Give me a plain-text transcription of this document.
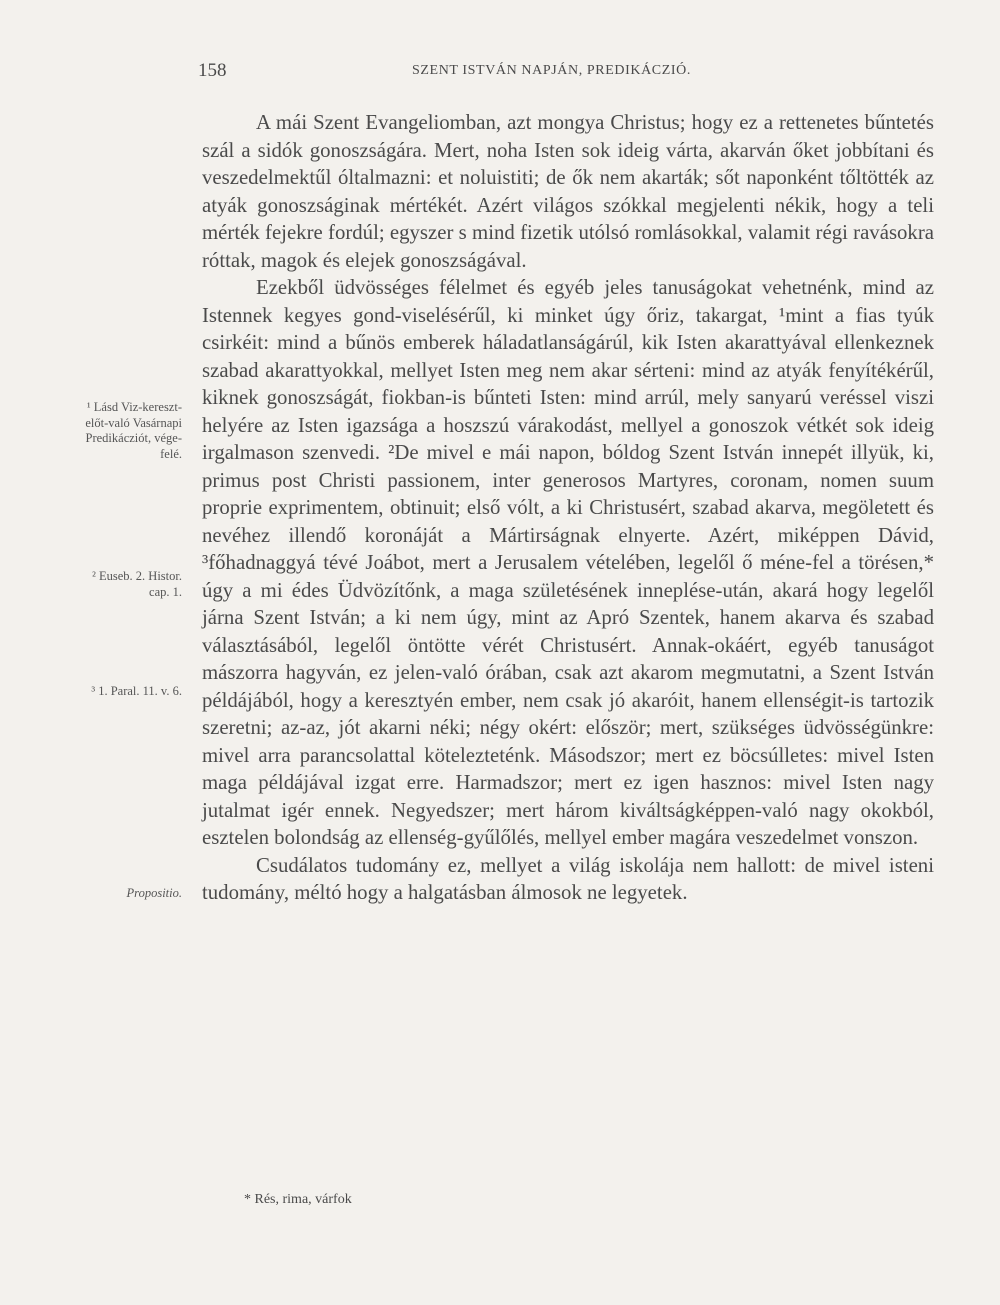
158	SZENT ISTVÁN NAPJÁN, PREDIKÁCZIÓ.

A mái Szent Evangeliomban, azt mongya Christus; hogy ez a rettenetes bűntetés szál a sidók gonoszságára. Mert, noha Isten sok ideig várta, akarván őket jobbítani és veszedelmektűl óltalmazni: et noluistiti; de ők nem akarták; sőt naponként tőltötték az atyák gonoszságinak mértékét. Azért világos szókkal megjelenti nékik, hogy a teli mérték fejekre fordúl; egyszer s mind fizetik utólsó romlásokkal, valamit régi ravásokra róttak, magok és elejek gonoszságával.

Ezekből üdvösséges félelmet és egyéb jeles tanuságokat vehetnénk, mind az Istennek kegyes gond-viselésérűl, ki minket úgy őriz, takargat, ¹mint a fias tyúk csirkéit: mind a bűnös emberek háladatlanságárúl, kik Isten akarattyával ellenkeznek szabad akarattyokkal, mellyet Isten meg nem akar sérteni: mind az atyák fenyítékérűl, kiknek gonoszságát, fiokban-is bűnteti Isten: mind arrúl, mely sanyarú veréssel viszi helyére az Isten igazsága a hoszszú várakodást, mellyel a gonoszok vétkét sok ideig irgalmason szenvedi. ²De mivel e mái napon, bóldog Szent István innepét illyük, ki, primus post Christi passionem, inter generosos Martyres, coronam, nomen suum proprie exprimentem, obtinuit; első vólt, a ki Christusért, szabad akarva, megöletett és nevéhez illendő koronáját a Mártirságnak elnyerte. Azért, miképpen Dávid, ³főhadnaggyá tévé Joábot, mert a Jerusalem vételében, legelől ő méne-fel a törésen,* úgy a mi édes Üdvözítőnk, a maga születésének inneplése-után, akará hogy legelől járna Szent István; a ki nem úgy, mint az Apró Szentek, hanem akarva és szabad választásából, legelől öntötte vérét Christusért. Annak-okáért, egyéb tanuságot mászorra hagyván, ez jelen-való órában, csak azt akarom megmutatni, a Szent István példájából, hogy a keresztyén ember, nem csak jó akaróit, hanem ellenségit-is tartozik szeretni; az-az, jót akarni néki; négy okért: először; mert, szükséges üdvösségünkre: mivel arra parancsolattal kötelezteténk. Másodszor; mert ez böcsúlletes: mivel Isten maga példájával izgat erre. Harmadszor; mert ez igen hasznos: mivel Isten nagy jutalmat igér ennek. Negyedszer; mert három kiváltságképpen-való nagy okokból, esztelen bolondság az ellenség-gyűlőlés, mellyel ember magára veszedelmet vonszon.

Csudálatos tudomány ez, mellyet a világ iskolája nem hallott: de mivel isteni tudomány, méltó hogy a halgatásban álmosok ne legyetek.

¹ Lásd Viz-kereszt-előt-való Vasárnapi Predikácziót, vége-felé.
² Euseb. 2. Histor. cap. 1.
³ 1. Paral. 11. v. 6.
Propositio.
* Rés, rima, várfok
